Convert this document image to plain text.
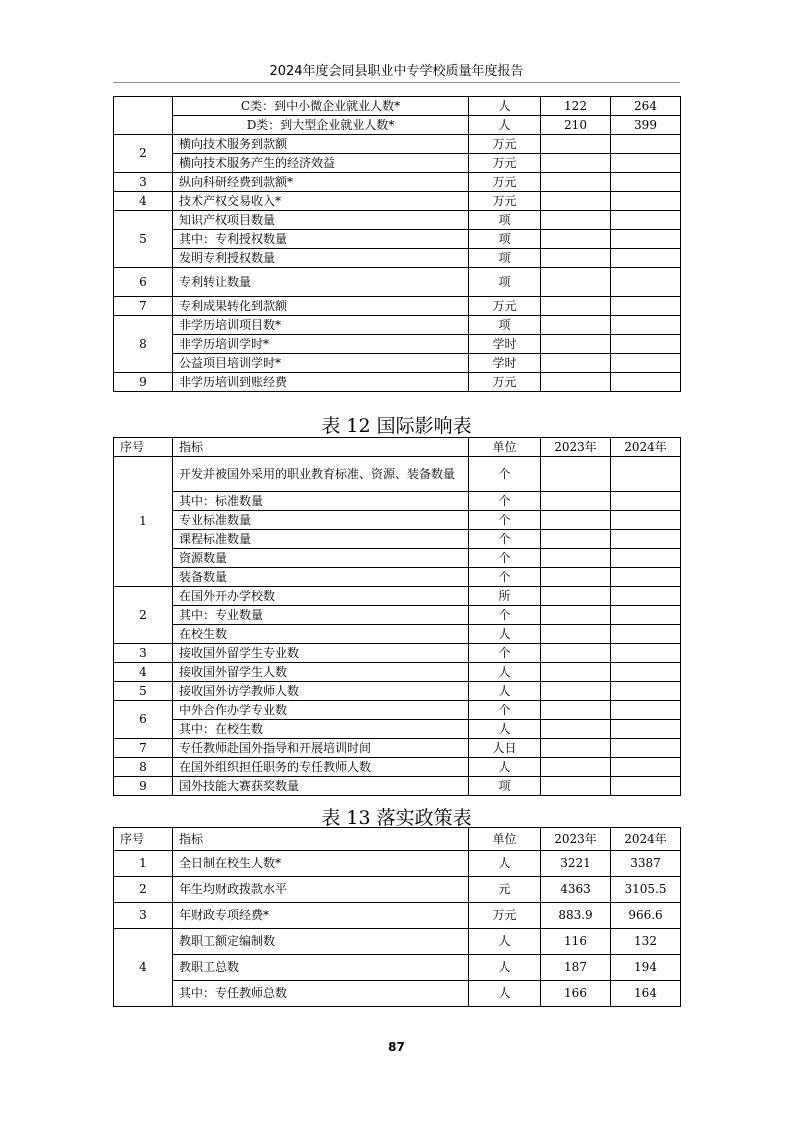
2024年度会同县职业中专学校质量年度报告
	C类：到中小微企业就业人数*	人	122	264
	D类：到大型企业就业人数*	人	210	399
2	横向技术服务到款额	万元		
	横向技术服务产生的经济效益	万元		
3	纵向科研经费到款额*	万元		
4	技术产权交易收入*	万元		
5	知识产权项目数量	项		
	其中：专利授权数量	项		
	发明专利授权数量	项		
6	专利转让数量	项		
7	专利成果转化到款额	万元		
8	非学历培训项目数*	项		
	非学历培训学时*	学时		
	公益项目培训学时*	学时		
9	非学历培训到账经费	万元		
表 12 国际影响表
序号	指标	单位	2023年	2024年
1	开发并被国外采用的职业教育标准、资源、装备数量	个		
	其中：标准数量	个		
	专业标准数量	个		
	课程标准数量	个		
	资源数量	个		
	装备数量	个		
2	在国外开办学校数	所		
	其中：专业数量	个		
	在校生数	人		
3	接收国外留学生专业数	个		
4	接收国外留学生人数	人		
5	接收国外访学教师人数	人		
6	中外合作办学专业数	个		
	其中：在校生数	人		
7	专任教师赴国外指导和开展培训时间	人日		
8	在国外组织担任职务的专任教师人数	人		
9	国外技能大赛获奖数量	项		
表 13 落实政策表
序号	指标	单位	2023年	2024年
1	全日制在校生人数*	人	3221	3387
2	年生均财政拨款水平	元	4363	3105.5
3	年财政专项经费*	万元	883.9	966.6
4	教职工额定编制数	人	116	132
	教职工总数	人	187	194
	其中：专任教师总数	人	166	164
87
